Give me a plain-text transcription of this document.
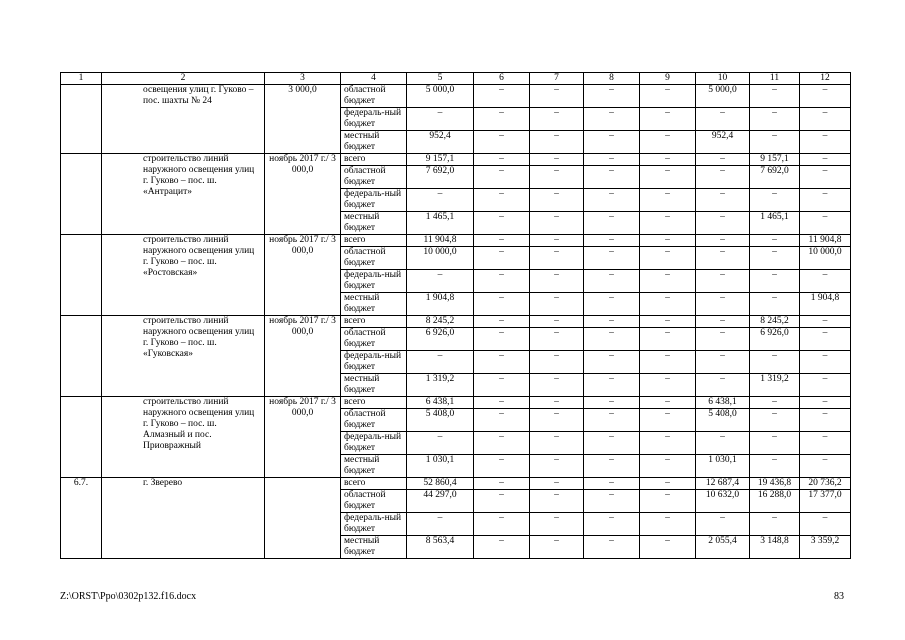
1	2	3	4	5	6	7	8	9	10	11	12
	освещения улиц г. Гуково – пос. шахты № 24	3 000,0	областной бюджет	5 000,0	–	–	–	–	5 000,0	–	–
			федераль-ный бюджет	–	–	–	–	–	–	–	–
			местный бюджет	952,4	–	–	–	–	952,4	–	–
	строительство линий наружного освещения улиц г. Гуково – пос. ш. «Антрацит»	ноябрь 2017 г./ 3 000,0	всего	9 157,1	–	–	–	–	–	9 157,1	–
			областной бюджет	7 692,0	–	–	–	–	–	7 692,0	–
			федераль-ный бюджет	–	–	–	–	–	–	–	–
			местный бюджет	1 465,1	–	–	–	–	–	1 465,1	–
	строительство линий наружного освещения улиц г. Гуково – пос. ш. «Ростовская»	ноябрь 2017 г./ 3 000,0	всего	11 904,8	–	–	–	–	–	–	11 904,8
			областной бюджет	10 000,0	–	–	–	–	–	–	10 000,0
			федераль-ный бюджет	–	–	–	–	–	–	–	–
			местный бюджет	1 904,8	–	–	–	–	–	–	1 904,8
	строительство линий наружного освещения улиц г. Гуково – пос. ш. «Гуковская»	ноябрь 2017 г./ 3 000,0	всего	8 245,2	–	–	–	–	–	8 245,2	–
			областной бюджет	6 926,0	–	–	–	–	–	6 926,0	–
			федераль-ный бюджет	–	–	–	–	–	–	–	–
			местный бюджет	1 319,2	–	–	–	–	–	1 319,2	–
	строительство линий наружного освещения улиц г. Гуково – пос. ш. Алмазный и пос. Приовражный	ноябрь 2017 г./ 3 000,0	всего	6 438,1	–	–	–	–	6 438,1	–	–
			областной бюджет	5 408,0	–	–	–	–	5 408,0	–	–
			федераль-ный бюджет	–	–	–	–	–	–	–	–
			местный бюджет	1 030,1	–	–	–	–	1 030,1	–	–
6.7.	г. Зверево		всего	52 860,4	–	–	–	–	12 687,4	19 436,8	20 736,2
			областной бюджет	44 297,0	–	–	–	–	10 632,0	16 288,0	17 377,0
			федераль-ный бюджет	–	–	–	–	–	–	–	–
			местный бюджет	8 563,4	–	–	–	–	2 055,4	3 148,8	3 359,2
Z:\ORST\Ppo\0302p132.f16.docx	83
